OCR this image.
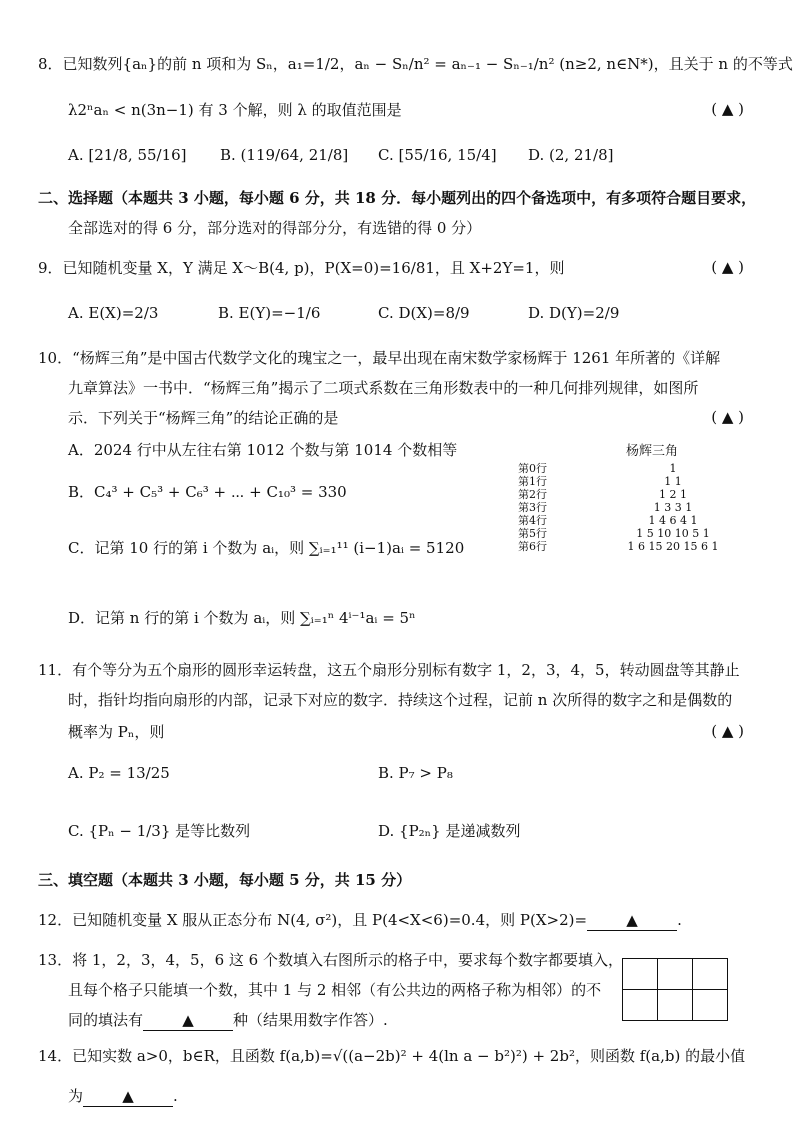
8．已知数列{aₙ}的前 n 项和为 Sₙ，a₁=1/2，aₙ − Sₙ/n² = aₙ₋₁ − Sₙ₋₁/n² (n≥2, n∈N*)，且关于 n 的不等式
λ2ⁿaₙ < n(3n−1) 有 3 个解，则 λ 的取值范围是	( ▲ )
A. [21/8, 55/16] B. (119/64, 21/8] C. [55/16, 15/4] D. (2, 21/8]
二、选择题（本题共 3 小题，每小题 6 分，共 18 分．每小题列出的四个备选项中，有多项符合题目要求，
全部选对的得 6 分，部分选对的得部分分，有选错的得 0 分）
9．已知随机变量 X，Y 满足 X～B(4, p)，P(X=0)=16/81，且 X+2Y=1，则	( ▲ )
A. E(X)=2/3	B. E(Y)=−1/6	C. D(X)=8/9	D. D(Y)=2/9
10．“杨辉三角”是中国古代数学文化的瑰宝之一，最早出现在南宋数学家杨辉于 1261 年所著的《详解
九章算法》一书中．“杨辉三角”揭示了二项式系数在三角形数表中的一种几何排列规律，如图所
示．下列关于“杨辉三角”的结论正确的是	( ▲ )
A．2024 行中从左往右第 1012 个数与第 1014 个数相等
B．C₄³ + C₅³ + C₆³ + ⋯ + C₁₀³ = 330
C．记第 10 行的第 i 个数为 aᵢ，则 ∑ᵢ₌₁¹¹ (i−1)aᵢ = 5120
D．记第 n 行的第 i 个数为 aᵢ，则 ∑ᵢ₌₁ⁿ 4ⁱ⁻¹aᵢ = 5ⁿ
杨辉三角
第0行	1
第1行	1 1
第2行	1 2 1
第3行	1 3 3 1
第4行	1 4 6 4 1
第5行	1 5 10 10 5 1
第6行	1 6 15 20 15 6 1
11．有个等分为五个扇形的圆形幸运转盘，这五个扇形分别标有数字 1，2，3，4，5，转动圆盘等其静止
时，指针均指向扇形的内部，记录下对应的数字．持续这个过程，记前 n 次所得的数字之和是偶数的
概率为 Pₙ，则	( ▲ )
A. P₂ = 13/25	B. P₇ > P₈
C. {Pₙ − 1/3} 是等比数列	D. {P₂ₙ} 是递减数列
三、填空题（本题共 3 小题，每小题 5 分，共 15 分）
12．已知随机变量 X 服从正态分布 N(4, σ²)，且 P(4<X<6)=0.4，则 P(X>2)=	▲	.
13．将 1，2，3，4，5，6 这 6 个数填入右图所示的格子中，要求每个数字都要填入，
且每个格子只能填一个数，其中 1 与 2 相邻（有公共边的两格子称为相邻）的不
同的填法有	▲	种（结果用数字作答）.

14．已知实数 a>0，b∈R，且函数 f(a,b)=√((a−2b)² + 4(ln a − b²)²) + 2b²，则函数 f(a,b) 的最小值
为	▲	.
